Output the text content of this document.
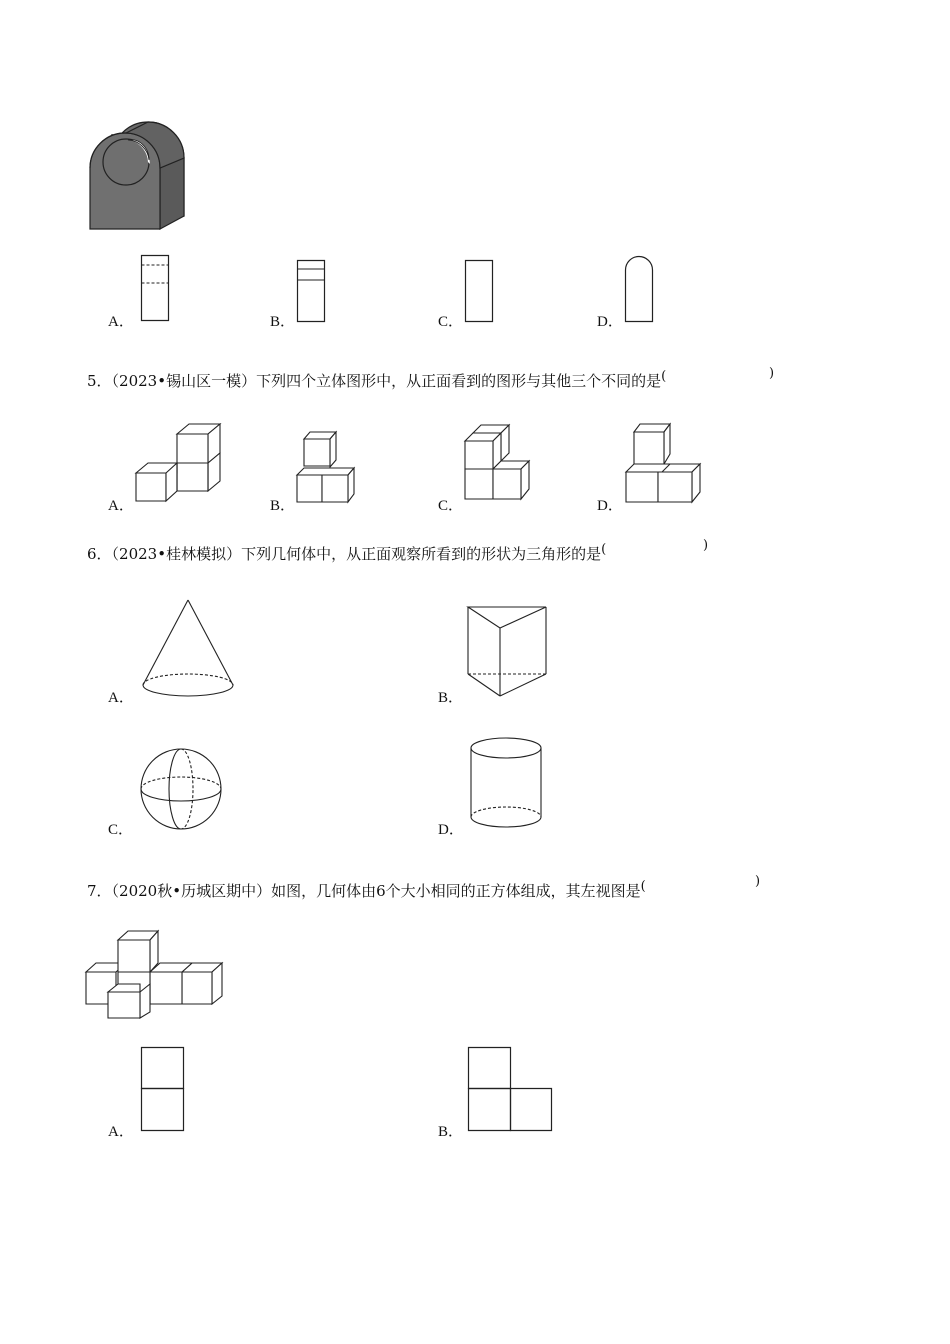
A．	B．	C．	D．
5．（2023•锡山区一模）下列四个立体图形中，从正面看到的图形与其他三个不同的是(	)
A．	B．	C．	D．
6．（2023•桂林模拟）下列几何体中，从正面观察所看到的形状为三角形的是(	)
A．	B．
C．	D．
7．（2020秋•历城区期中）如图，几何体由6个大小相同的正方体组成，其左视图是(	)
A．	B．
